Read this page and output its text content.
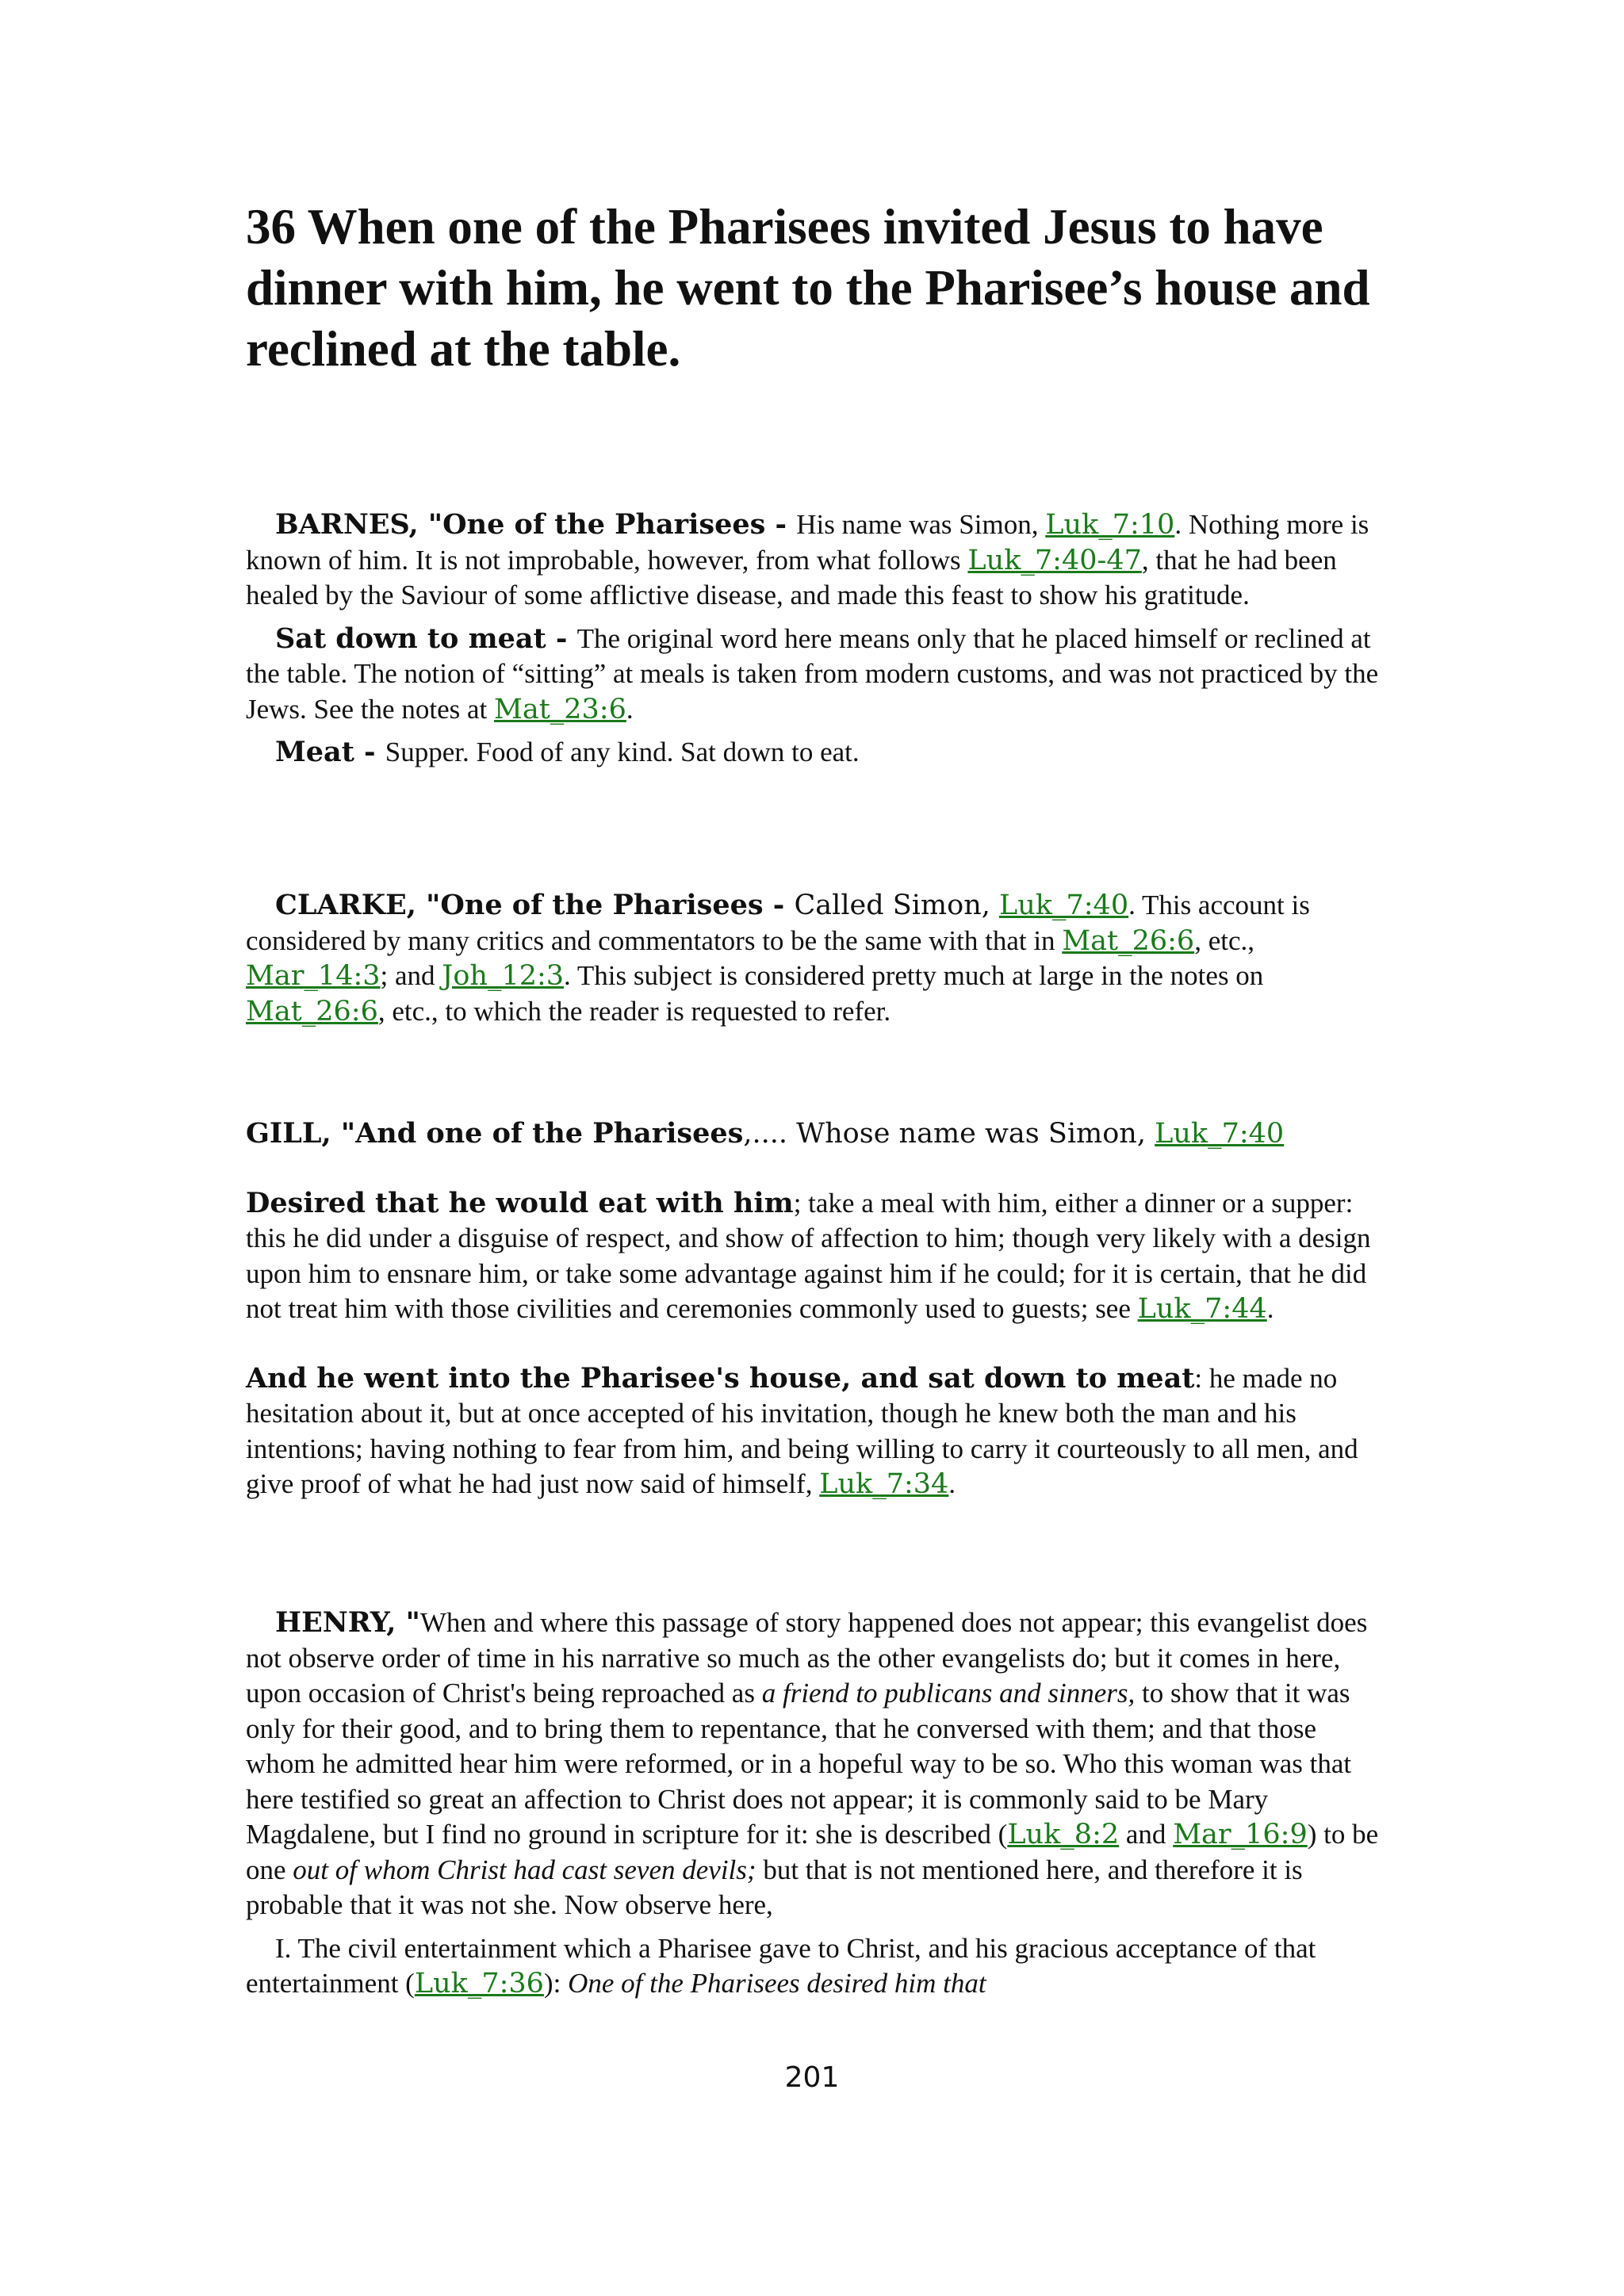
36 When one of the Pharisees invited Jesus to have dinner with him, he went to the Pharisee’s house and reclined at the table.

BARNES, "One of the Pharisees - His name was Simon, Luk_7:10. Nothing more is known of him. It is not improbable, however, from what follows Luk_7:40-47, that he had been healed by the Saviour of some afflictive disease, and made this feast to show his gratitude.

Sat down to meat - The original word here means only that he placed himself or reclined at the table. The notion of “sitting” at meals is taken from modern customs, and was not practiced by the Jews. See the notes at Mat_23:6.

Meat - Supper. Food of any kind. Sat down to eat.

CLARKE, "One of the Pharisees - Called Simon, Luk_7:40. This account is considered by many critics and commentators to be the same with that in Mat_26:6, etc., Mar_14:3; and Joh_12:3. This subject is considered pretty much at large in the notes on Mat_26:6, etc., to which the reader is requested to refer.

GILL, "And one of the Pharisees,.... Whose name was Simon, Luk_7:40

Desired that he would eat with him; take a meal with him, either a dinner or a supper: this he did under a disguise of respect, and show of affection to him; though very likely with a design upon him to ensnare him, or take some advantage against him if he could; for it is certain, that he did not treat him with those civilities and ceremonies commonly used to guests; see Luk_7:44.

And he went into the Pharisee's house, and sat down to meat: he made no hesitation about it, but at once accepted of his invitation, though he knew both the man and his intentions; having nothing to fear from him, and being willing to carry it courteously to all men, and give proof of what he had just now said of himself, Luk_7:34.

HENRY, "When and where this passage of story happened does not appear; this evangelist does not observe order of time in his narrative so much as the other evangelists do; but it comes in here, upon occasion of Christ's being reproached as a friend to publicans and sinners, to show that it was only for their good, and to bring them to repentance, that he conversed with them; and that those whom he admitted hear him were reformed, or in a hopeful way to be so. Who this woman was that here testified so great an affection to Christ does not appear; it is commonly said to be Mary Magdalene, but I find no ground in scripture for it: she is described (Luk_8:2 and Mar_16:9) to be one out of whom Christ had cast seven devils; but that is not mentioned here, and therefore it is probable that it was not she. Now observe here,

I. The civil entertainment which a Pharisee gave to Christ, and his gracious acceptance of that entertainment (Luk_7:36): One of the Pharisees desired him that

201
